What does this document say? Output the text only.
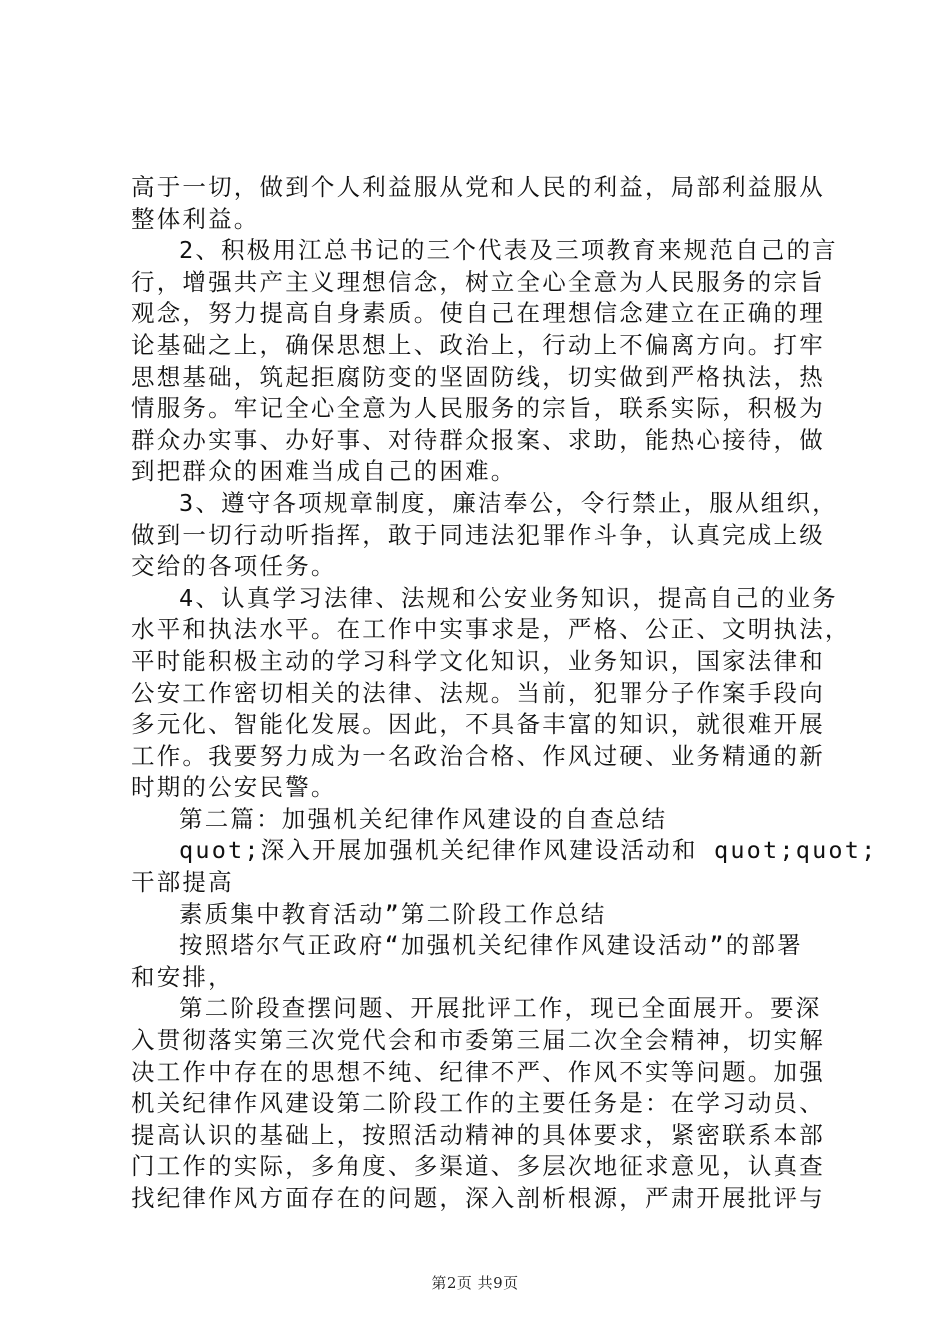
高于一切，做到个人利益服从党和人民的利益，局部利益服从
整体利益。
2、积极用江总书记的三个代表及三项教育来规范自己的言
行，增强共产主义理想信念，树立全心全意为人民服务的宗旨
观念，努力提高自身素质。使自己在理想信念建立在正确的理
论基础之上，确保思想上、政治上，行动上不偏离方向。打牢
思想基础，筑起拒腐防变的坚固防线，切实做到严格执法，热
情服务。牢记全心全意为人民服务的宗旨，联系实际，积极为
群众办实事、办好事、对待群众报案、求助，能热心接待，做
到把群众的困难当成自己的困难。
3、遵守各项规章制度，廉洁奉公，令行禁止，服从组织，
做到一切行动听指挥，敢于同违法犯罪作斗争，认真完成上级
交给的各项任务。
4、认真学习法律、法规和公安业务知识，提高自己的业务
水平和执法水平。在工作中实事求是，严格、公正、文明执法，
平时能积极主动的学习科学文化知识，业务知识，国家法律和
公安工作密切相关的法律、法规。当前，犯罪分子作案手段向
多元化、智能化发展。因此，不具备丰富的知识，就很难开展
工作。我要努力成为一名政治合格、作风过硬、业务精通的新
时期的公安民警。
第二篇：加强机关纪律作风建设的自查总结
quot;深入开展加强机关纪律作风建设活动和 quot;quot;
干部提高
素质集中教育活动”第二阶段工作总结
按照塔尔气正政府“加强机关纪律作风建设活动”的部署
和安排，
第二阶段查摆问题、开展批评工作，现已全面展开。要深
入贯彻落实第三次党代会和市委第三届二次全会精神，切实解
决工作中存在的思想不纯、纪律不严、作风不实等问题。加强
机关纪律作风建设第二阶段工作的主要任务是：在学习动员、
提高认识的基础上，按照活动精神的具体要求，紧密联系本部
门工作的实际，多角度、多渠道、多层次地征求意见，认真查
找纪律作风方面存在的问题，深入剖析根源，严肃开展批评与
第2页 共9页
